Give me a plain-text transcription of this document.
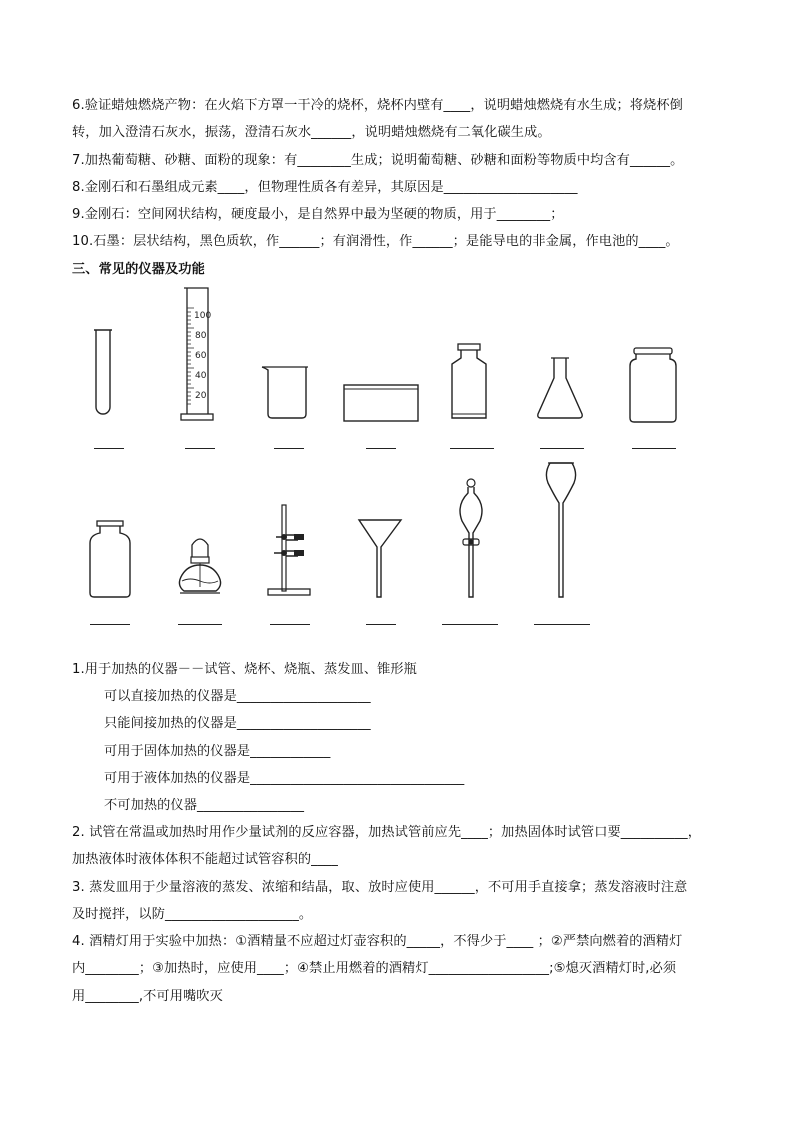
6.验证蜡烛燃烧产物：在火焰下方罩一干冷的烧杯，烧杯内壁有____，说明蜡烛燃烧有水生成；将烧杯倒
转，加入澄清石灰水，振荡，澄清石灰水______，说明蜡烛燃烧有二氧化碳生成。
7.加热葡萄糖、砂糖、面粉的现象：有________生成；说明葡萄糖、砂糖和面粉等物质中均含有______。
8.金刚石和石墨组成元素____，但物理性质各有差异，其原因是____________________
9.金刚石：空间网状结构，硬度最小，是自然界中最为坚硬的物质，用于________；
10.石墨：层状结构，黑色质软，作______；有润滑性，作______；是能导电的非金属，作电池的____。
三、常见的仪器及功能
100
80
60
40
20
1.用于加热的仪器－－试管、烧杯、烧瓶、蒸发皿、锥形瓶
可以直接加热的仪器是____________________
只能间接加热的仪器是____________________
可用于固体加热的仪器是____________
可用于液体加热的仪器是________________________________
不可加热的仪器________________
2. 试管在常温或加热时用作少量试剂的反应容器，加热试管前应先____；加热固体时试管口要__________，
加热液体时液体体积不能超过试管容积的____
3. 蒸发皿用于少量溶液的蒸发、浓缩和结晶，取、放时应使用______，不可用手直接拿；蒸发溶液时注意
及时搅拌，以防____________________。
4. 酒精灯用于实验中加热：①酒精量不应超过灯壶容积的_____，不得少于____ ；②严禁向燃着的酒精灯
内________；③加热时，应使用____；④禁止用燃着的酒精灯__________________;⑤熄灭酒精灯时,必须
用________,不可用嘴吹灭
